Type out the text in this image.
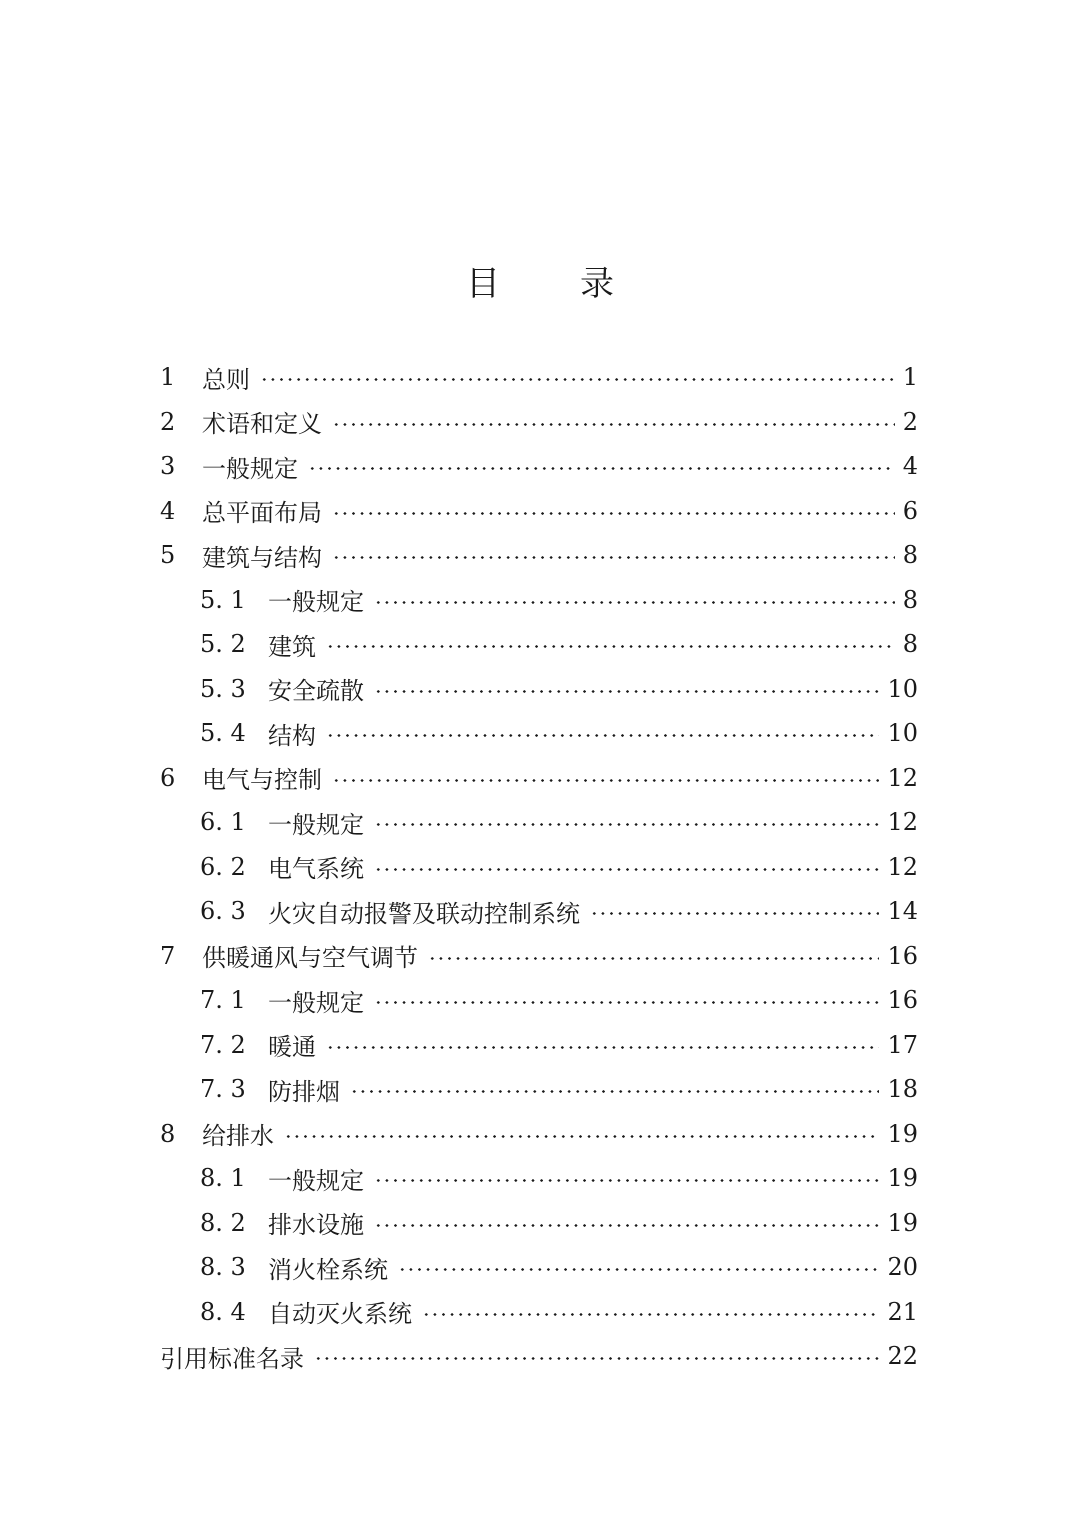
目 录
1	总则	1
2	术语和定义	2
3	一般规定	4
4	总平面布局	6
5	建筑与结构	8
5. 1 一般规定	8
5. 2 建筑	8
5. 3 安全疏散	10
5. 4 结构	10
6	电气与控制	12
6. 1 一般规定	12
6. 2 电气系统	12
6. 3 火灾自动报警及联动控制系统	14
7	供暖通风与空气调节	16
7. 1 一般规定	16
7. 2 暖通	17
7. 3 防排烟	18
8	给排水	19
8. 1 一般规定	19
8. 2 排水设施	19
8. 3 消火栓系统	20
8. 4 自动灭火系统	21
引用标准名录	22
